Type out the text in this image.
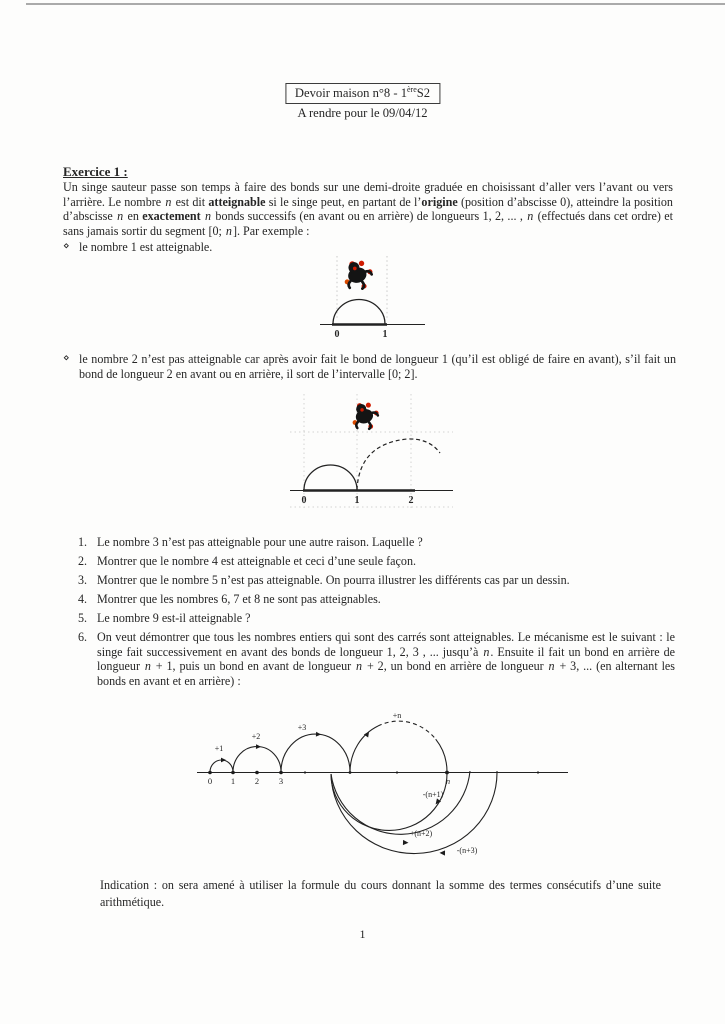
Devoir maison n°8 - 1èreS2
A rendre pour le 09/04/12
Exercice 1 :
Un singe sauteur passe son temps à faire des bonds sur une demi-droite graduée en choisissant d’aller vers l’avant ou vers l’arrière. Le nombre n est dit atteignable si le singe peut, en partant de l’origine (position d’abscisse 0), atteindre la position d’abscisse n en exactement n bonds successifs (en avant ou en arrière) de longueurs 1, 2, ... , n (effectués dans cet ordre) et sans jamais sortir du segment [0; n]. Par exemple :
⋄ le nombre 1 est atteignable.
0	1
⋄ le nombre 2 n’est pas atteignable car après avoir fait le bond de longueur 1 (qu’il est obligé de faire en avant), s’il fait un bond de longueur 2 en avant ou en arrière, il sort de l’intervalle [0; 2].
0	1	2
1. Le nombre 3 n’est pas atteignable pour une autre raison. Laquelle ?
2. Montrer que le nombre 4 est atteignable et ceci d’une seule façon.
3. Montrer que le nombre 5 n’est pas atteignable. On pourra illustrer les différents cas par un dessin.
4. Montrer que les nombres 6, 7 et 8 ne sont pas atteignables.
5. Le nombre 9 est-il atteignable ?
6. On veut démontrer que tous les nombres entiers qui sont des carrés sont atteignables. Le mécanisme est le suivant : le singe fait successivement en avant des bonds de longueur 1, 2, 3 , ... jusqu’à n. Ensuite il fait un bond en arrière de longueur n + 1, puis un bond en avant de longueur n + 2, un bond en arrière de longueur n + 3, ... (en alternant les bonds en avant et en arrière) :
0 1 2 3	n
+1
+2
+3
+n
-(n+1)
+(n+2)
-(n+3)
Indication : on sera amené à utiliser la formule du cours donnant la somme des termes consécutifs d’une suite arithmétique.
1
